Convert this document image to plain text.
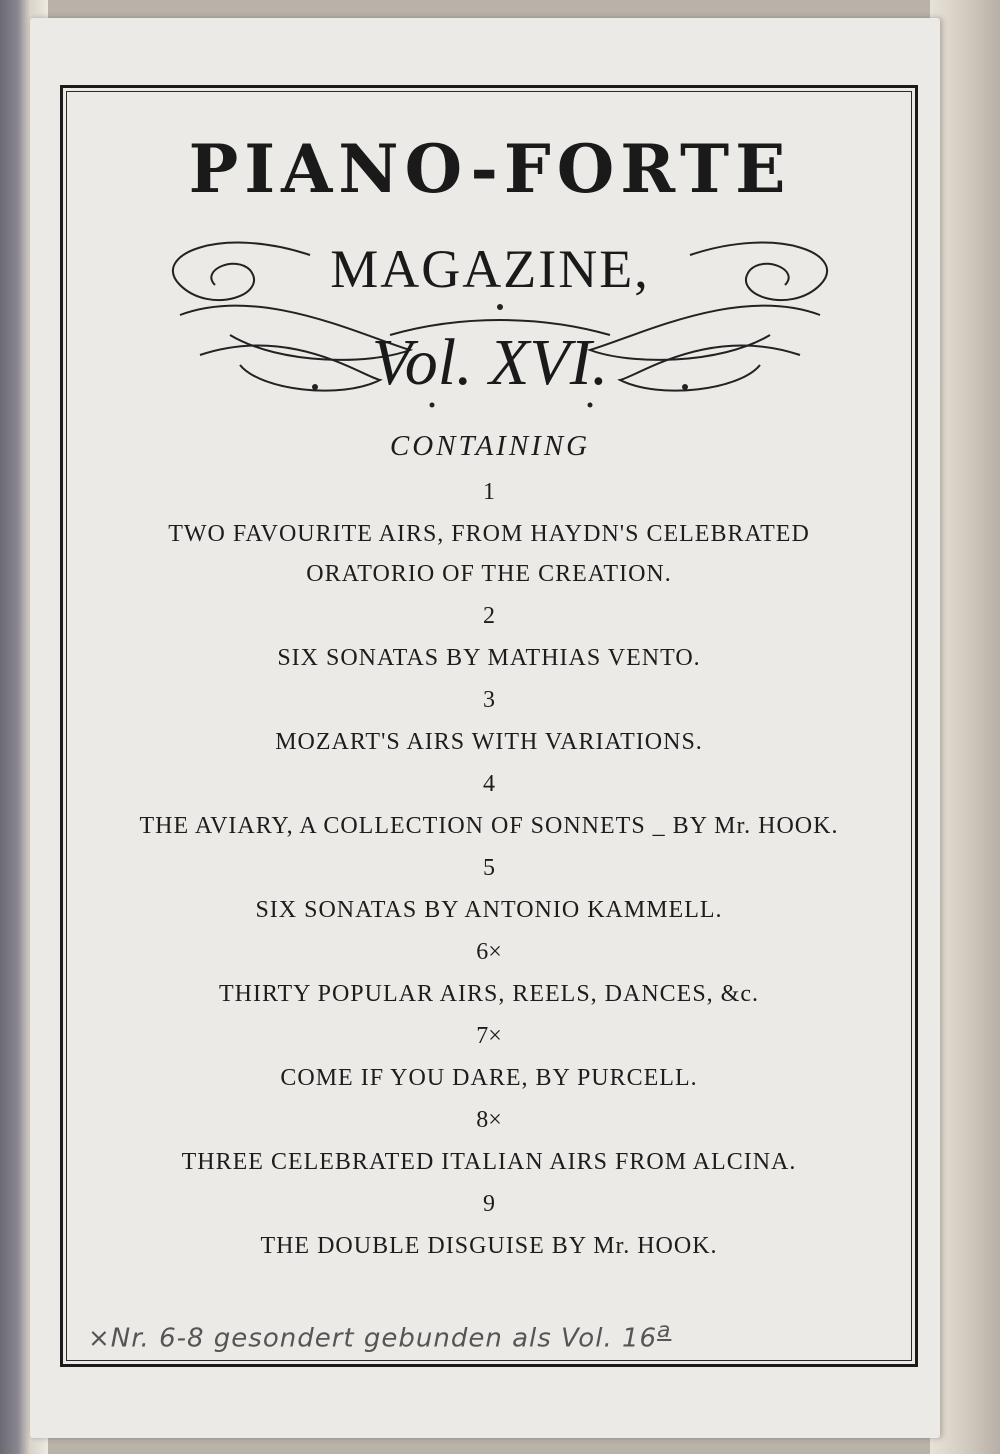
PIANO-FORTE
MAGAZINE,
Vol. XVI.
CONTAINING
1
TWO FAVOURITE AIRS, FROM HAYDN'S CELEBRATED
ORATORIO OF THE CREATION.
2
SIX SONATAS BY MATHIAS VENTO.
3
MOZART'S AIRS WITH VARIATIONS.
4
THE AVIARY, A COLLECTION OF SONNETS _ BY Mr. HOOK.
5
SIX SONATAS BY ANTONIO KAMMELL.
6×
THIRTY POPULAR AIRS, REELS, DANCES, &c.
7×
COME IF YOU DARE, BY PURCELL.
8×
THREE CELEBRATED ITALIAN AIRS FROM ALCINA.
9
THE DOUBLE DISGUISE BY Mr. HOOK.
×Nr. 6-8 gesondert gebunden als Vol. 16$^a$
